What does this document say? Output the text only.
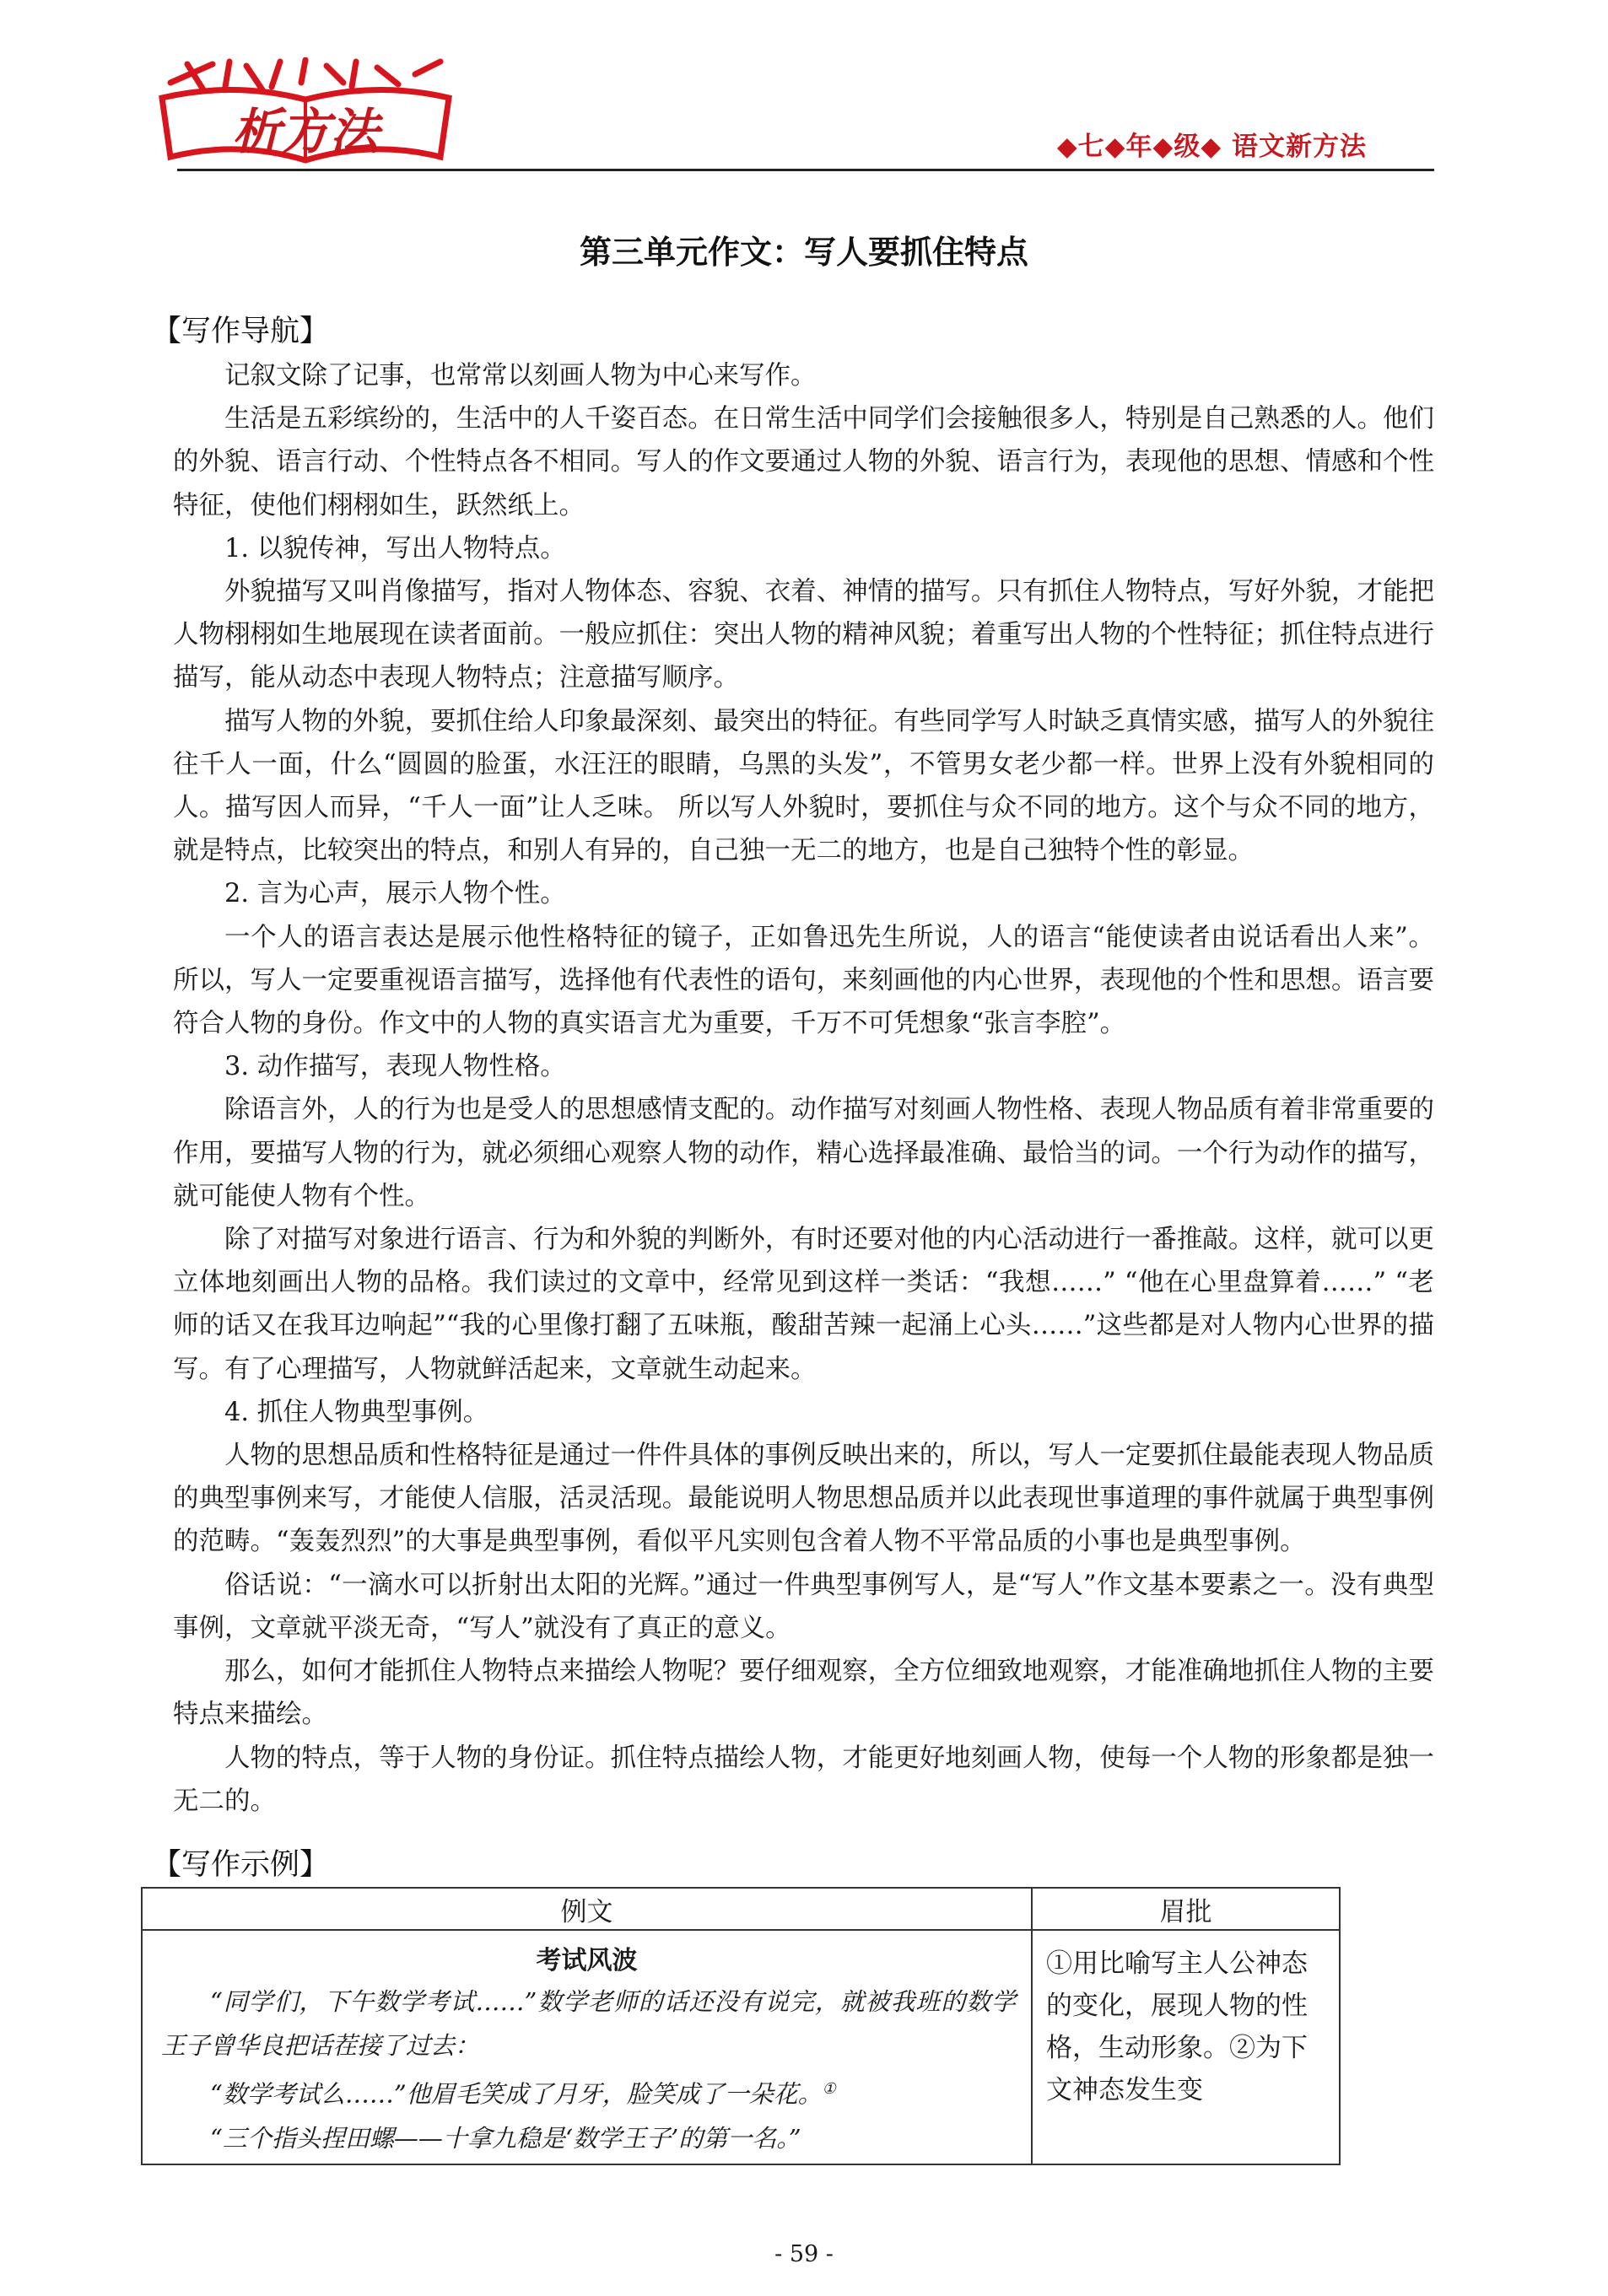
析方法	◆七◆年◆级◆ 语文新方法
第三单元作文：写人要抓住特点
【写作导航】

记叙文除了记事，也常常以刻画人物为中心来写作。

生活是五彩缤纷的，生活中的人千姿百态。在日常生活中同学们会接触很多人，特别是自己熟悉的人。他们的外貌、语言行动、个性特点各不相同。写人的作文要通过人物的外貌、语言行为，表现他的思想、情感和个性特征，使他们栩栩如生，跃然纸上。

1. 以貌传神，写出人物特点。

外貌描写又叫肖像描写，指对人物体态、容貌、衣着、神情的描写。只有抓住人物特点，写好外貌，才能把人物栩栩如生地展现在读者面前。一般应抓住：突出人物的精神风貌；着重写出人物的个性特征；抓住特点进行描写，能从动态中表现人物特点；注意描写顺序。

描写人物的外貌，要抓住给人印象最深刻、最突出的特征。有些同学写人时缺乏真情实感，描写人的外貌往往千人一面，什么“圆圆的脸蛋，水汪汪的眼睛，乌黑的头发”，不管男女老少都一样。世界上没有外貌相同的人。描写因人而异，“千人一面”让人乏味。 所以写人外貌时，要抓住与众不同的地方。这个与众不同的地方，就是特点，比较突出的特点，和别人有异的，自己独一无二的地方，也是自己独特个性的彰显。

2. 言为心声，展示人物个性。

一个人的语言表达是展示他性格特征的镜子，正如鲁迅先生所说，人的语言“能使读者由说话看出人来”。所以，写人一定要重视语言描写，选择他有代表性的语句，来刻画他的内心世界，表现他的个性和思想。语言要符合人物的身份。作文中的人物的真实语言尤为重要，千万不可凭想象“张言李腔”。

3. 动作描写，表现人物性格。

除语言外，人的行为也是受人的思想感情支配的。动作描写对刻画人物性格、表现人物品质有着非常重要的作用，要描写人物的行为，就必须细心观察人物的动作，精心选择最准确、最恰当的词。一个行为动作的描写，就可能使人物有个性。

除了对描写对象进行语言、行为和外貌的判断外，有时还要对他的内心活动进行一番推敲。这样，就可以更立体地刻画出人物的品格。我们读过的文章中，经常见到这样一类话：“我想……” “他在心里盘算着……” “老师的话又在我耳边响起”“我的心里像打翻了五味瓶，酸甜苦辣一起涌上心头……”这些都是对人物内心世界的描写。有了心理描写，人物就鲜活起来，文章就生动起来。

4. 抓住人物典型事例。

人物的思想品质和性格特征是通过一件件具体的事例反映出来的，所以，写人一定要抓住最能表现人物品质的典型事例来写，才能使人信服，活灵活现。最能说明人物思想品质并以此表现世事道理的事件就属于典型事例的范畴。“轰轰烈烈”的大事是典型事例，看似平凡实则包含着人物不平常品质的小事也是典型事例。

俗话说：“一滴水可以折射出太阳的光辉。”通过一件典型事例写人，是“写人”作文基本要素之一。没有典型事例，文章就平淡无奇，“写人”就没有了真正的意义。

那么，如何才能抓住人物特点来描绘人物呢？要仔细观察，全方位细致地观察，才能准确地抓住人物的主要特点来描绘。

人物的特点，等于人物的身份证。抓住特点描绘人物，才能更好地刻画人物，使每一个人物的形象都是独一无二的。

【写作示例】
例文	眉批

考试风波

“同学们，下午数学考试……”数学老师的话还没有说完，就被我班的数学王子曾华良把话茬接了过去：

“数学考试么……”他眉毛笑成了月牙，脸笑成了一朵花。①

“三个指头捏田螺——十拿九稳是‘数学王子’的第一名。”	①用比喻写主人公神态的变化，展现人物的性格，生动形象。②为下文神态发生变
- 59 -
